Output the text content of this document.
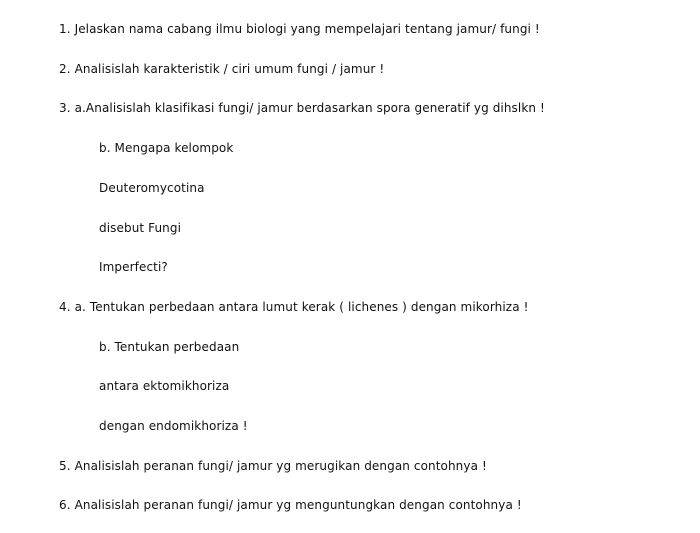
1. Jelaskan nama cabang ilmu biologi yang mempelajari tentang jamur/ fungi !
2. Analisislah karakteristik / ciri umum fungi / jamur !
3. a.Analisislah klasifikasi fungi/ jamur berdasarkan spora generatif yg dihslkn !
b. Mengapa kelompok
Deuteromycotina
disebut Fungi
Imperfecti?
4. a. Tentukan perbedaan antara lumut kerak ( lichenes ) dengan mikorhiza !
b. Tentukan perbedaan
antara ektomikhoriza
dengan endomikhoriza !
5. Analisislah peranan fungi/ jamur yg merugikan dengan contohnya !
6. Analisislah peranan fungi/ jamur yg menguntungkan dengan contohnya !
